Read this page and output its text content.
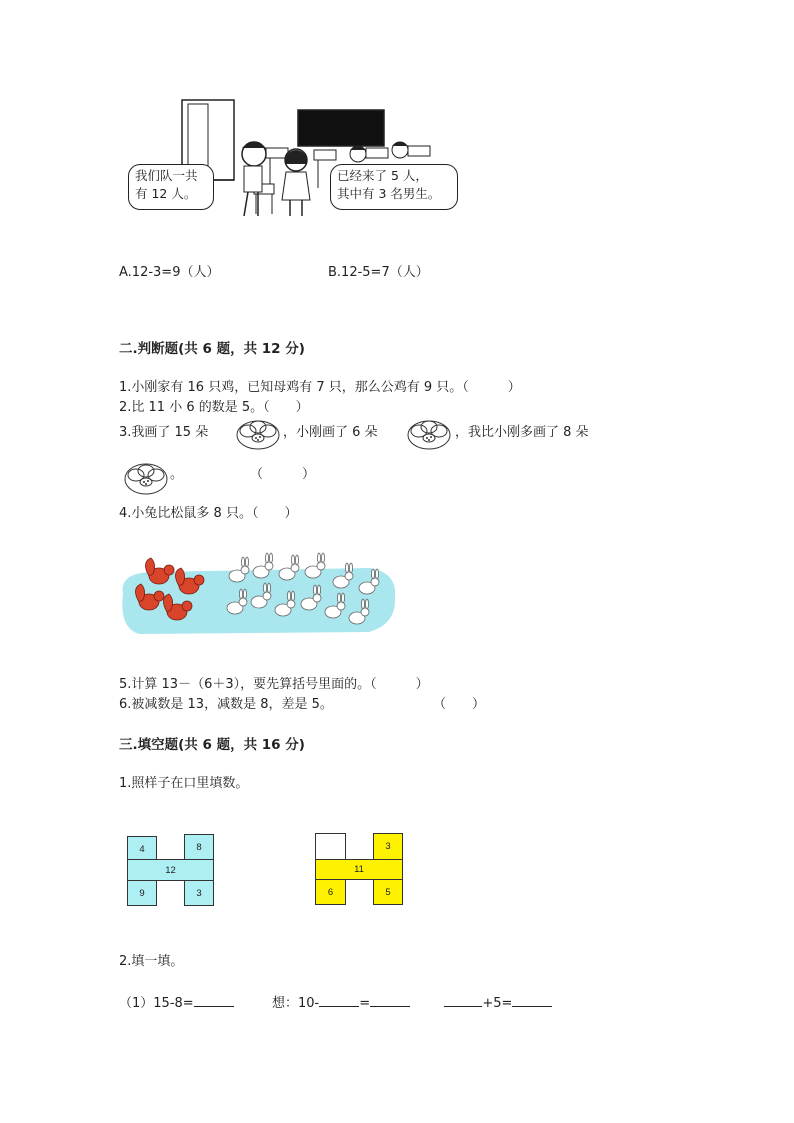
我们队一共
有 12 人。
已经来了 5 人，
其中有 3 名男生。
A.12-3=9（人）	B.12-5=7（人）
二.判断题(共 6 题，共 12 分)
1.小刚家有 16 只鸡，已知母鸡有 7 只，那么公鸡有 9 只。（　　　）
2.比 11 小 6 的数是 5。（　　）
3.我画了 15 朵	，小刚画了 6 朵	，我比小刚多画了 8 朵
。	（　　　）
4.小兔比松鼠多 8 只。（　　）
5.计算 13－（6＋3），要先算括号里面的。（　　　）
6.被减数是 13，减数是 8，差是 5。	（　　）
三.填空题(共 6 题，共 16 分)
1.照样子在口里填数。
4	8
12
9	3
3
11
6	5
2.填一填。
（1）15-8=	想：10-	=	+5=
